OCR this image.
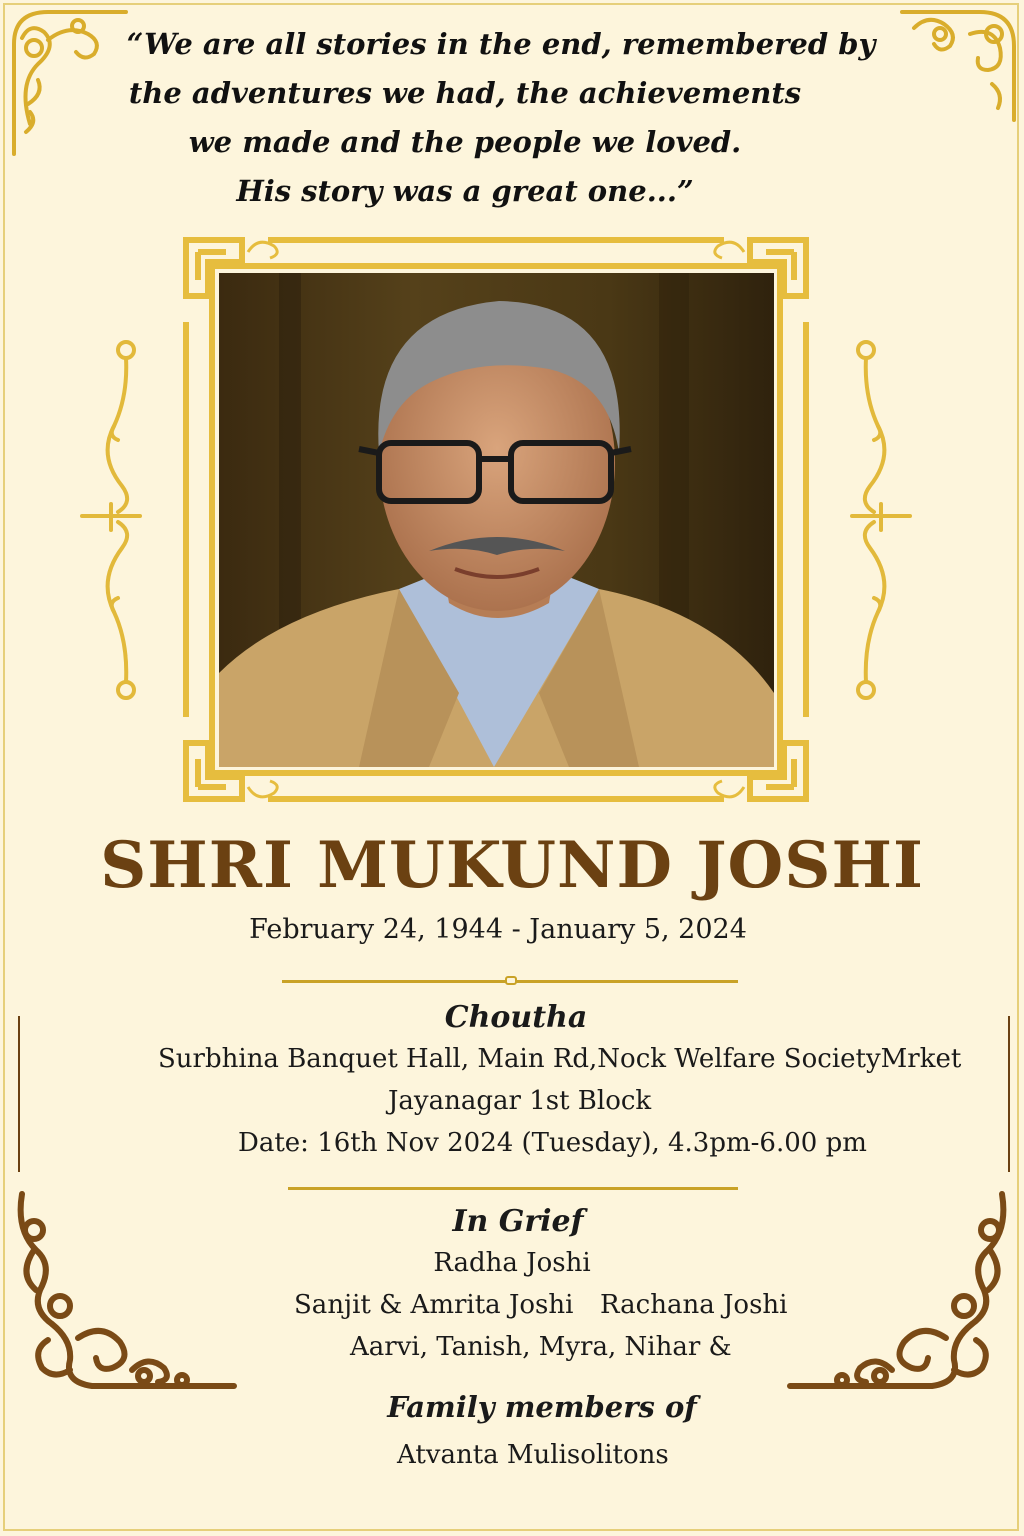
“We are all stories in the end, remembered by
the adventures we had, the achievements
we made and the people we loved.
His story was a great one...”
SHRI MUKUND JOSHI
February 24, 1944 - January 5, 2024
Choutha
Surbhina Banquet Hall, Main Rd,Nock Welfare SocietyMrket
Jayanagar 1st Block
Date: 16th Nov 2024 (Tuesday), 4.3pm-6.00 pm
In Grief
Radha Joshi
Sanjit & Amrita Joshi Rachana Joshi
Aarvi, Tanish, Myra, Nihar &
Family members of
Atvanta Mulisolitons
